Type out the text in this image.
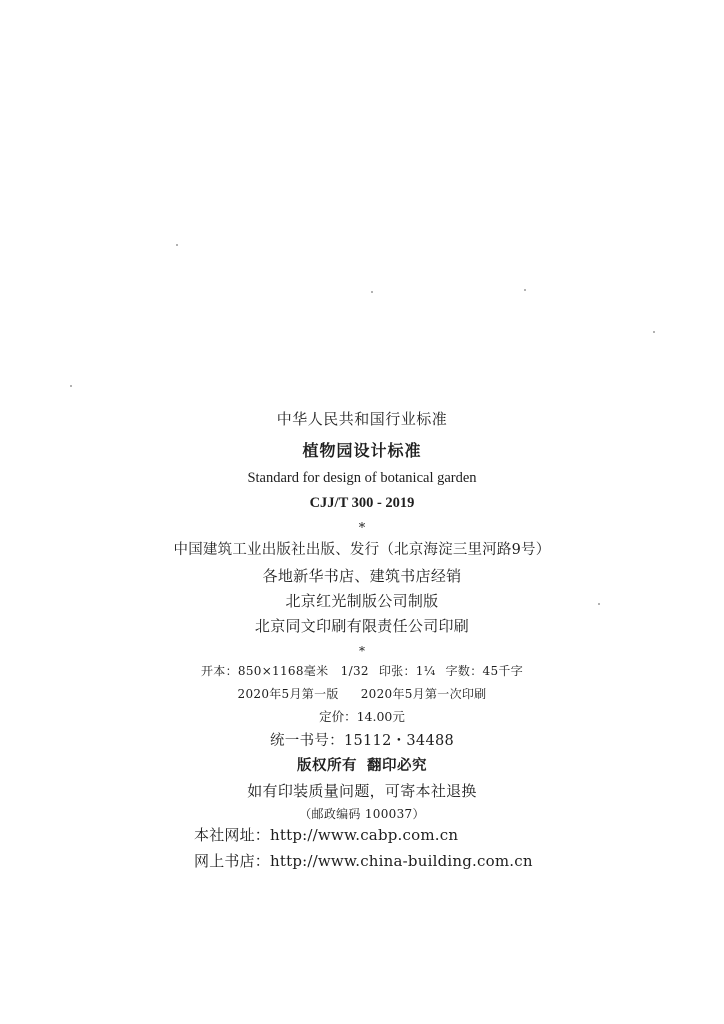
中华人民共和国行业标准
植物园设计标准
Standard for design of botanical garden
CJJ/T 300 - 2019
*
中国建筑工业出版社出版、发行（北京海淀三里河路9号）
各地新华书店、建筑书店经销
北京红光制版公司制版
北京同文印刷有限责任公司印刷
*
开本：850×1168毫米　1/32 印张：1¼ 字数：45千字
2020年5月第一版 2020年5月第一次印刷
定价：14.00元
统一书号：15112・34488
版权所有 翻印必究
如有印装质量问题，可寄本社退换
（邮政编码 100037）
本社网址：http://www.cabp.com.cn
网上书店：http://www.china-building.com.cn
